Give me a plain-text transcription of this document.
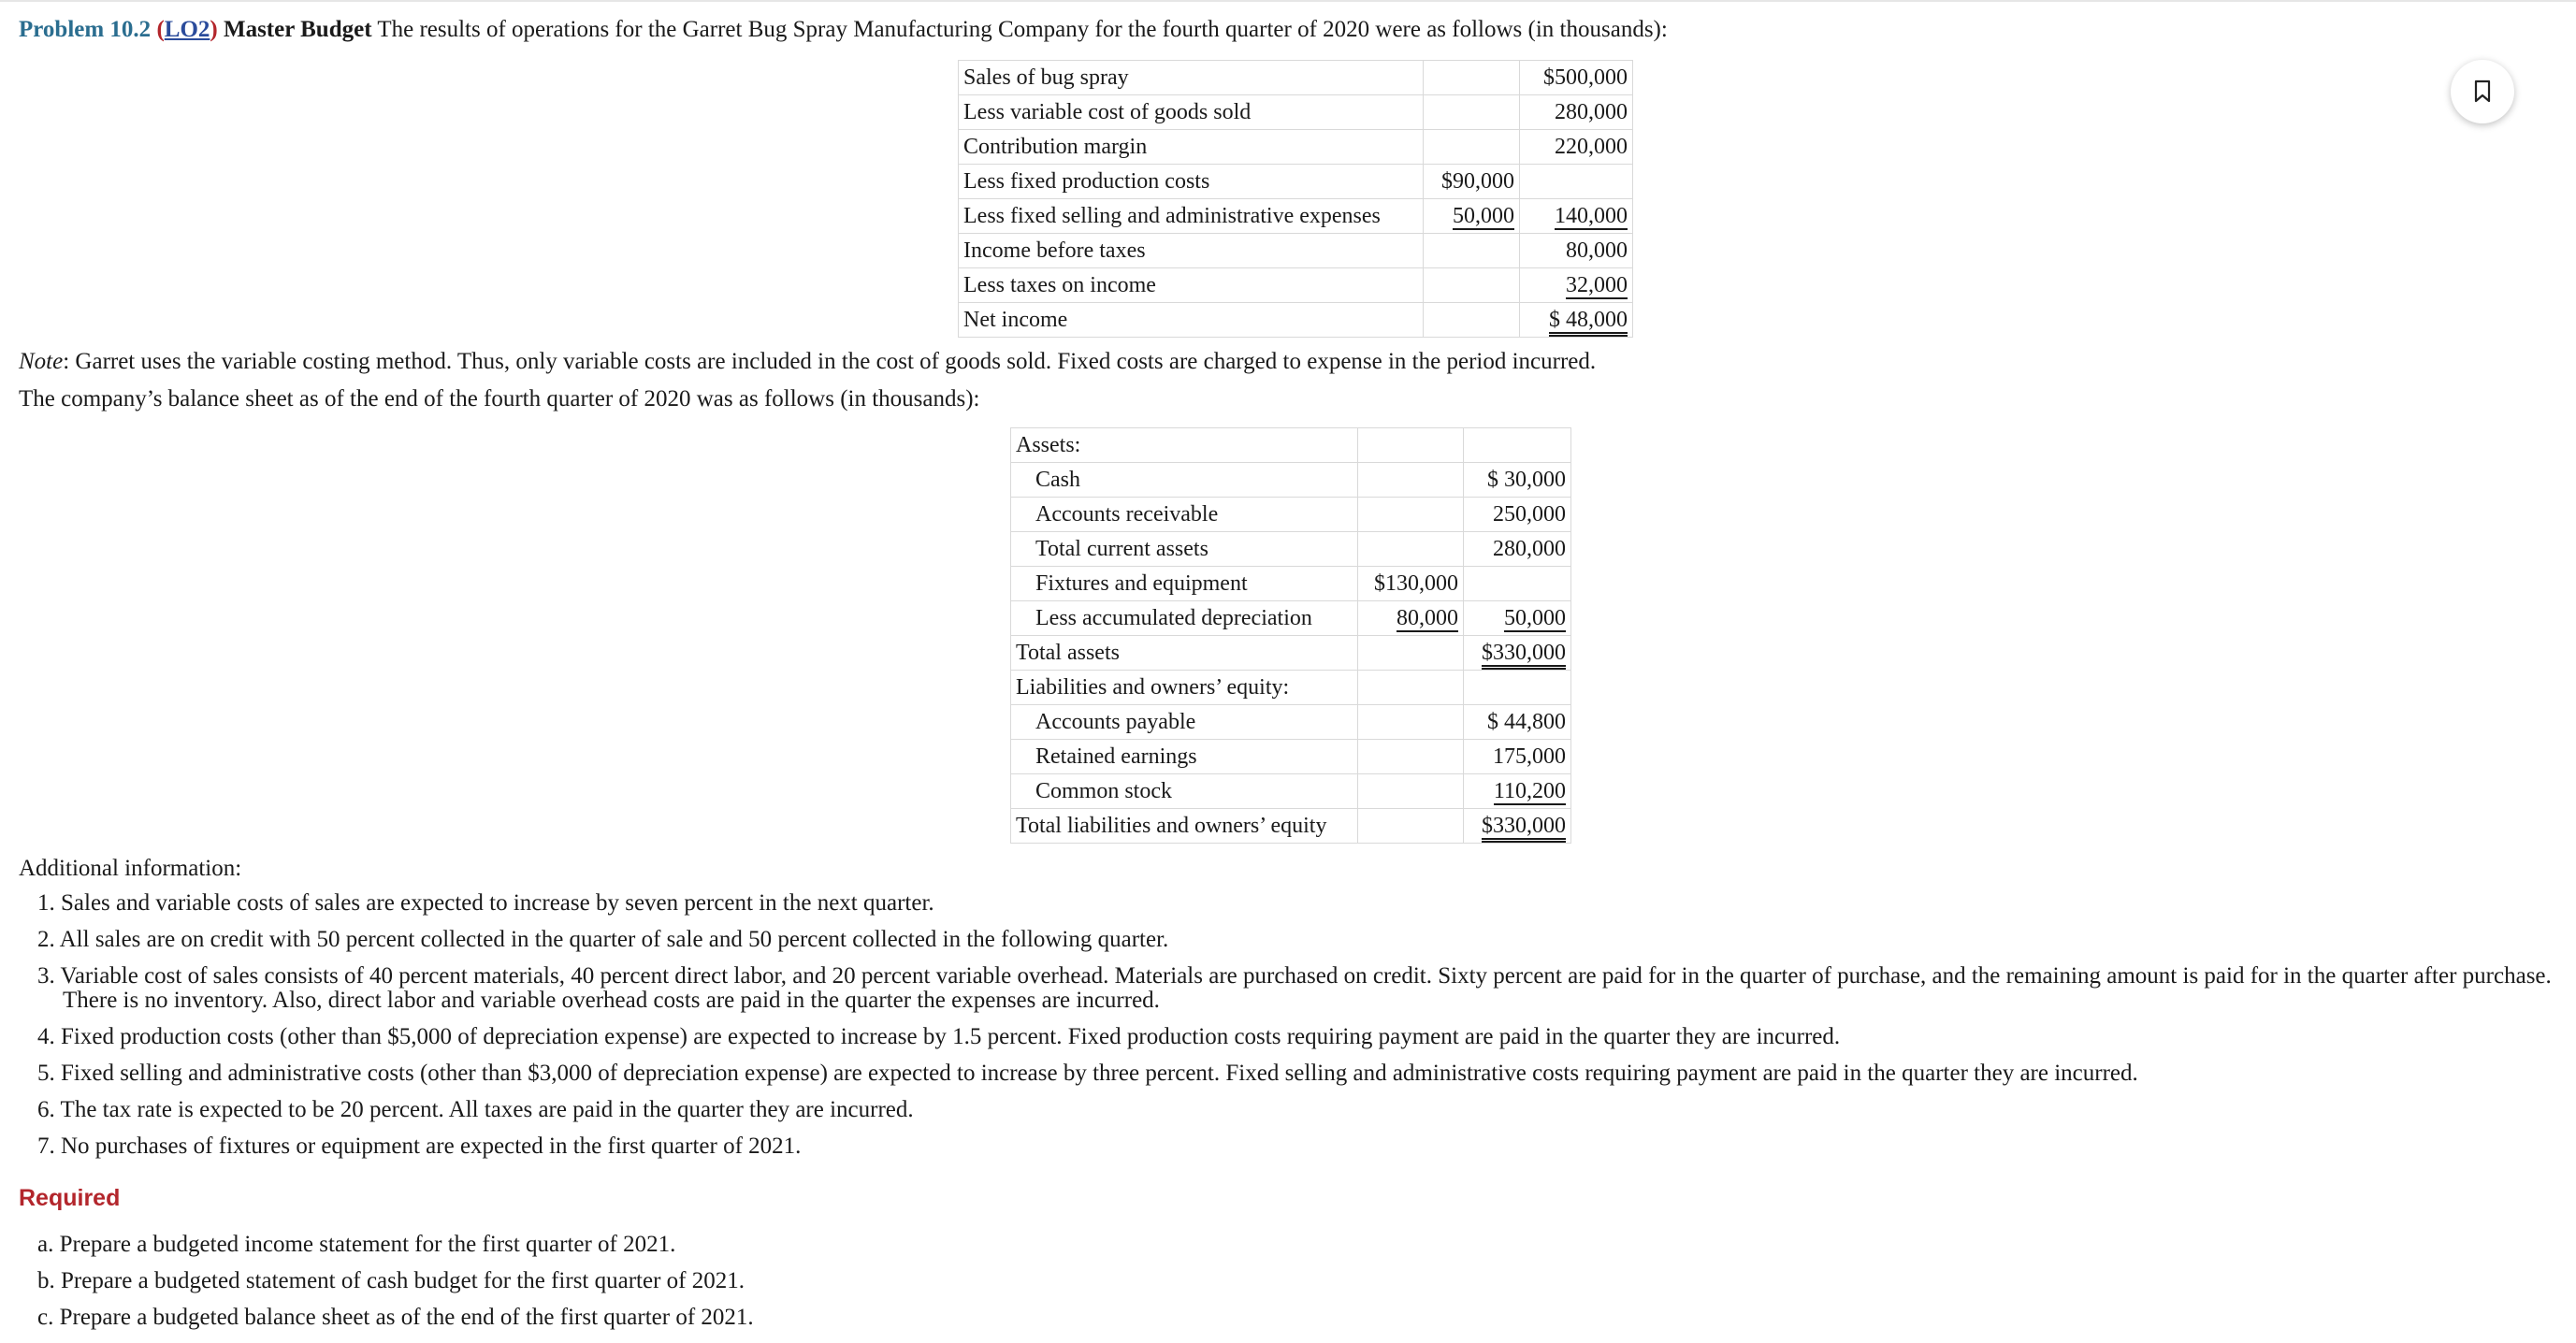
Problem 10.2 (LO2) Master Budget The results of operations for the Garret Bug Spray Manufacturing Company for the fourth quarter of 2020 were as follows (in thousands):
Sales of bug spray		$500,000
Less variable cost of goods sold		280,000
Contribution margin		220,000
Less fixed production costs	$90,000	
Less fixed selling and administrative expenses	50,000	140,000
Income before taxes		80,000
Less taxes on income		32,000
Net income		$ 48,000
Note: Garret uses the variable costing method. Thus, only variable costs are included in the cost of goods sold. Fixed costs are charged to expense in the period incurred.
The company’s balance sheet as of the end of the fourth quarter of 2020 was as follows (in thousands):
Assets:		
Cash		$ 30,000
Accounts receivable		250,000
Total current assets		280,000
Fixtures and equipment	$130,000	
Less accumulated depreciation	80,000	50,000
Total assets		$330,000
Liabilities and owners’ equity:		
Accounts payable		$ 44,800
Retained earnings		175,000
Common stock		110,200
Total liabilities and owners’ equity		$330,000
Additional information:
1. Sales and variable costs of sales are expected to increase by seven percent in the next quarter.
2. All sales are on credit with 50 percent collected in the quarter of sale and 50 percent collected in the following quarter.
3. Variable cost of sales consists of 40 percent materials, 40 percent direct labor, and 20 percent variable overhead. Materials are purchased on credit. Sixty percent are paid for in the quarter of purchase, and the remaining amount is paid for in the quarter after purchase. There is no inventory. Also, direct labor and variable overhead costs are paid in the quarter the expenses are incurred.
4. Fixed production costs (other than $5,000 of depreciation expense) are expected to increase by 1.5 percent. Fixed production costs requiring payment are paid in the quarter they are incurred.
5. Fixed selling and administrative costs (other than $3,000 of depreciation expense) are expected to increase by three percent. Fixed selling and administrative costs requiring payment are paid in the quarter they are incurred.
6. The tax rate is expected to be 20 percent. All taxes are paid in the quarter they are incurred.
7. No purchases of fixtures or equipment are expected in the first quarter of 2021.
Required
a. Prepare a budgeted income statement for the first quarter of 2021.
b. Prepare a budgeted statement of cash budget for the first quarter of 2021.
c. Prepare a budgeted balance sheet as of the end of the first quarter of 2021.
